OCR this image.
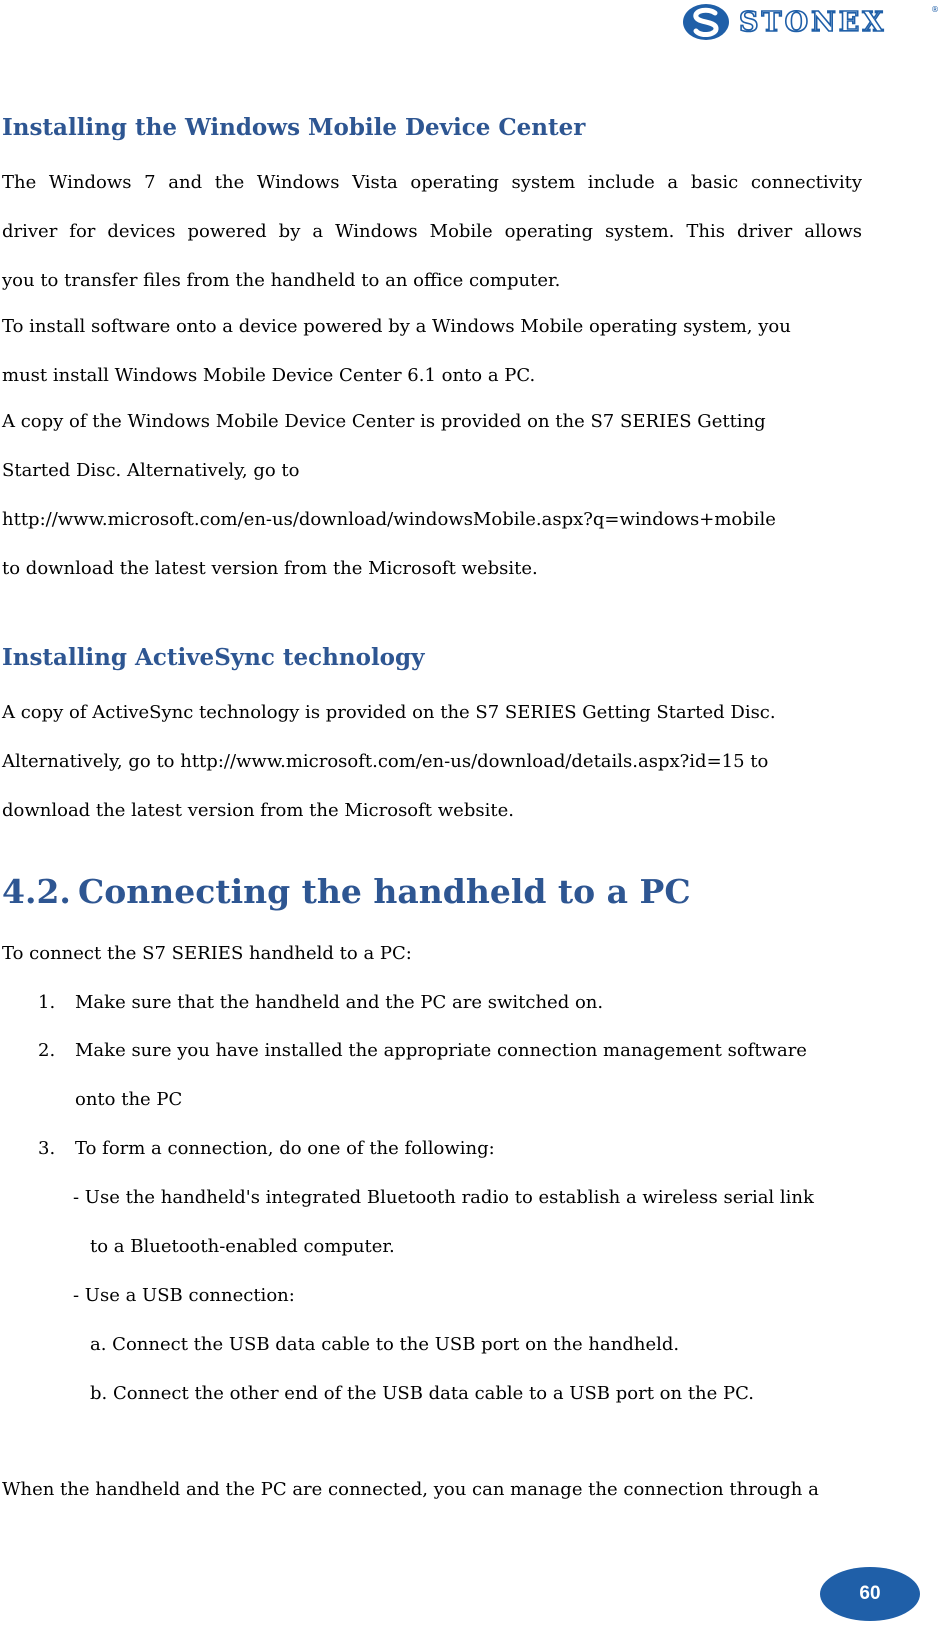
STONEX	®
Installing the Windows Mobile Device Center
The Windows 7 and the Windows Vista operating system include a basic connectivity
driver for devices powered by a Windows Mobile operating system. This driver allows
you to transfer files from the handheld to an office computer.
To install software onto a device powered by a Windows Mobile operating system, you
must install Windows Mobile Device Center 6.1 onto a PC.
A copy of the Windows Mobile Device Center is provided on the S7 SERIES Getting
Started Disc. Alternatively, go to
http://www.microsoft.com/en-us/download/windowsMobile.aspx?q=windows+mobile
to download the latest version from the Microsoft website.
Installing ActiveSync technology
A copy of ActiveSync technology is provided on the S7 SERIES Getting Started Disc.
Alternatively, go to http://www.microsoft.com/en-us/download/details.aspx?id=15 to
download the latest version from the Microsoft website.
4.2. Connecting the handheld to a PC
To connect the S7 SERIES handheld to a PC:
1. Make sure that the handheld and the PC are switched on.
2. Make sure you have installed the appropriate connection management software
onto the PC
3. To form a connection, do one of the following:
- Use the handheld's integrated Bluetooth radio to establish a wireless serial link
to a Bluetooth-enabled computer.
- Use a USB connection:
a. Connect the USB data cable to the USB port on the handheld.
b. Connect the other end of the USB data cable to a USB port on the PC.
When the handheld and the PC are connected, you can manage the connection through a
60
